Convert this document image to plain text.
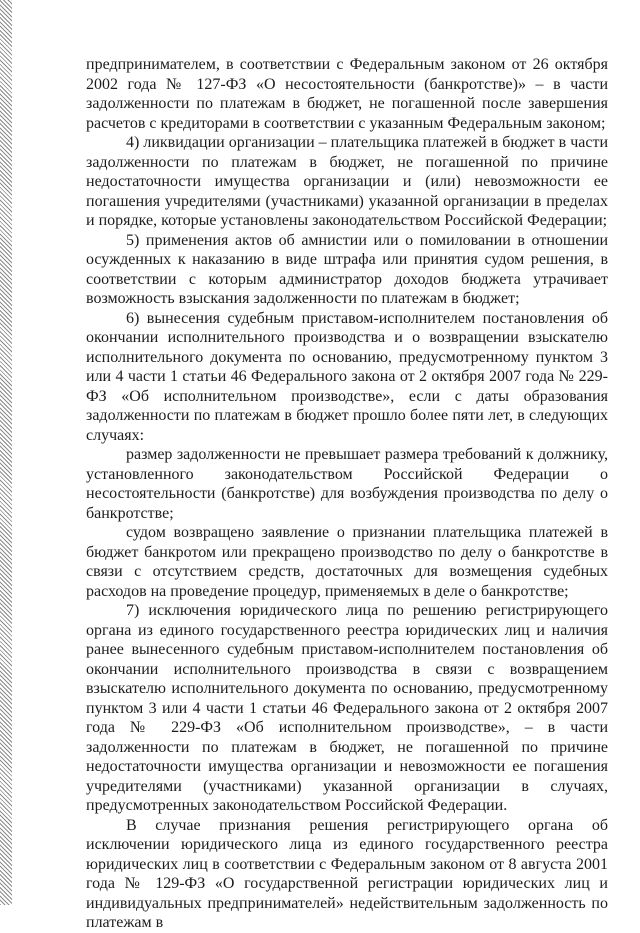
предпринимателем, в соответствии с Федеральным законом от 26 октября 2002 года № 127-ФЗ «О несостоятельности (банкротстве)» – в части задолженности по платежам в бюджет, не погашенной после завершения расчетов с кредиторами в соответствии с указанным Федеральным законом;

4) ликвидации организации – плательщика платежей в бюджет в части задолженности по платежам в бюджет, не погашенной по причине недостаточности имущества организации и (или) невозможности ее погашения учредителями (участниками) указанной организации в пределах и порядке, которые установлены законодательством Российской Федерации;

5) применения актов об амнистии или о помиловании в отношении осужденных к наказанию в виде штрафа или принятия судом решения, в соответствии с которым администратор доходов бюджета утрачивает возможность взыскания задолженности по платежам в бюджет;

6) вынесения судебным приставом-исполнителем постановления об окончании исполнительного производства и о возвращении взыскателю исполнительного документа по основанию, предусмотренному пунктом 3 или 4 части 1 статьи 46 Федерального закона от 2 октября 2007 года № 229-ФЗ «Об исполнительном производстве», если с даты образования задолженности по платежам в бюджет прошло более пяти лет, в следующих случаях:

размер задолженности не превышает размера требований к должнику, установленного законодательством Российской Федерации о несостоятельности (банкротстве) для возбуждения производства по делу о банкротстве;

судом возвращено заявление о признании плательщика платежей в бюджет банкротом или прекращено производство по делу о банкротстве в связи с отсутствием средств, достаточных для возмещения судебных расходов на проведение процедур, применяемых в деле о банкротстве;

7) исключения юридического лица по решению регистрирующего органа из единого государственного реестра юридических лиц и наличия ранее вынесенного судебным приставом-исполнителем постановления об окончании исполнительного производства в связи с возвращением взыскателю исполнительного документа по основанию, предусмотренному пунктом 3 или 4 части 1 статьи 46 Федерального закона от 2 октября 2007 года № 229-ФЗ «Об исполнительном производстве», – в части задолженности по платежам в бюджет, не погашенной по причине недостаточности имущества организации и невозможности ее погашения учредителями (участниками) указанной организации в случаях, предусмотренных законодательством Российской Федерации.

В случае признания решения регистрирующего органа об исключении юридического лица из единого государственного реестра юридических лиц в соответствии с Федеральным законом от 8 августа 2001 года № 129-ФЗ «О государственной регистрации юридических лиц и индивидуальных предпринимателей» недействительным задолженность по платежам в
